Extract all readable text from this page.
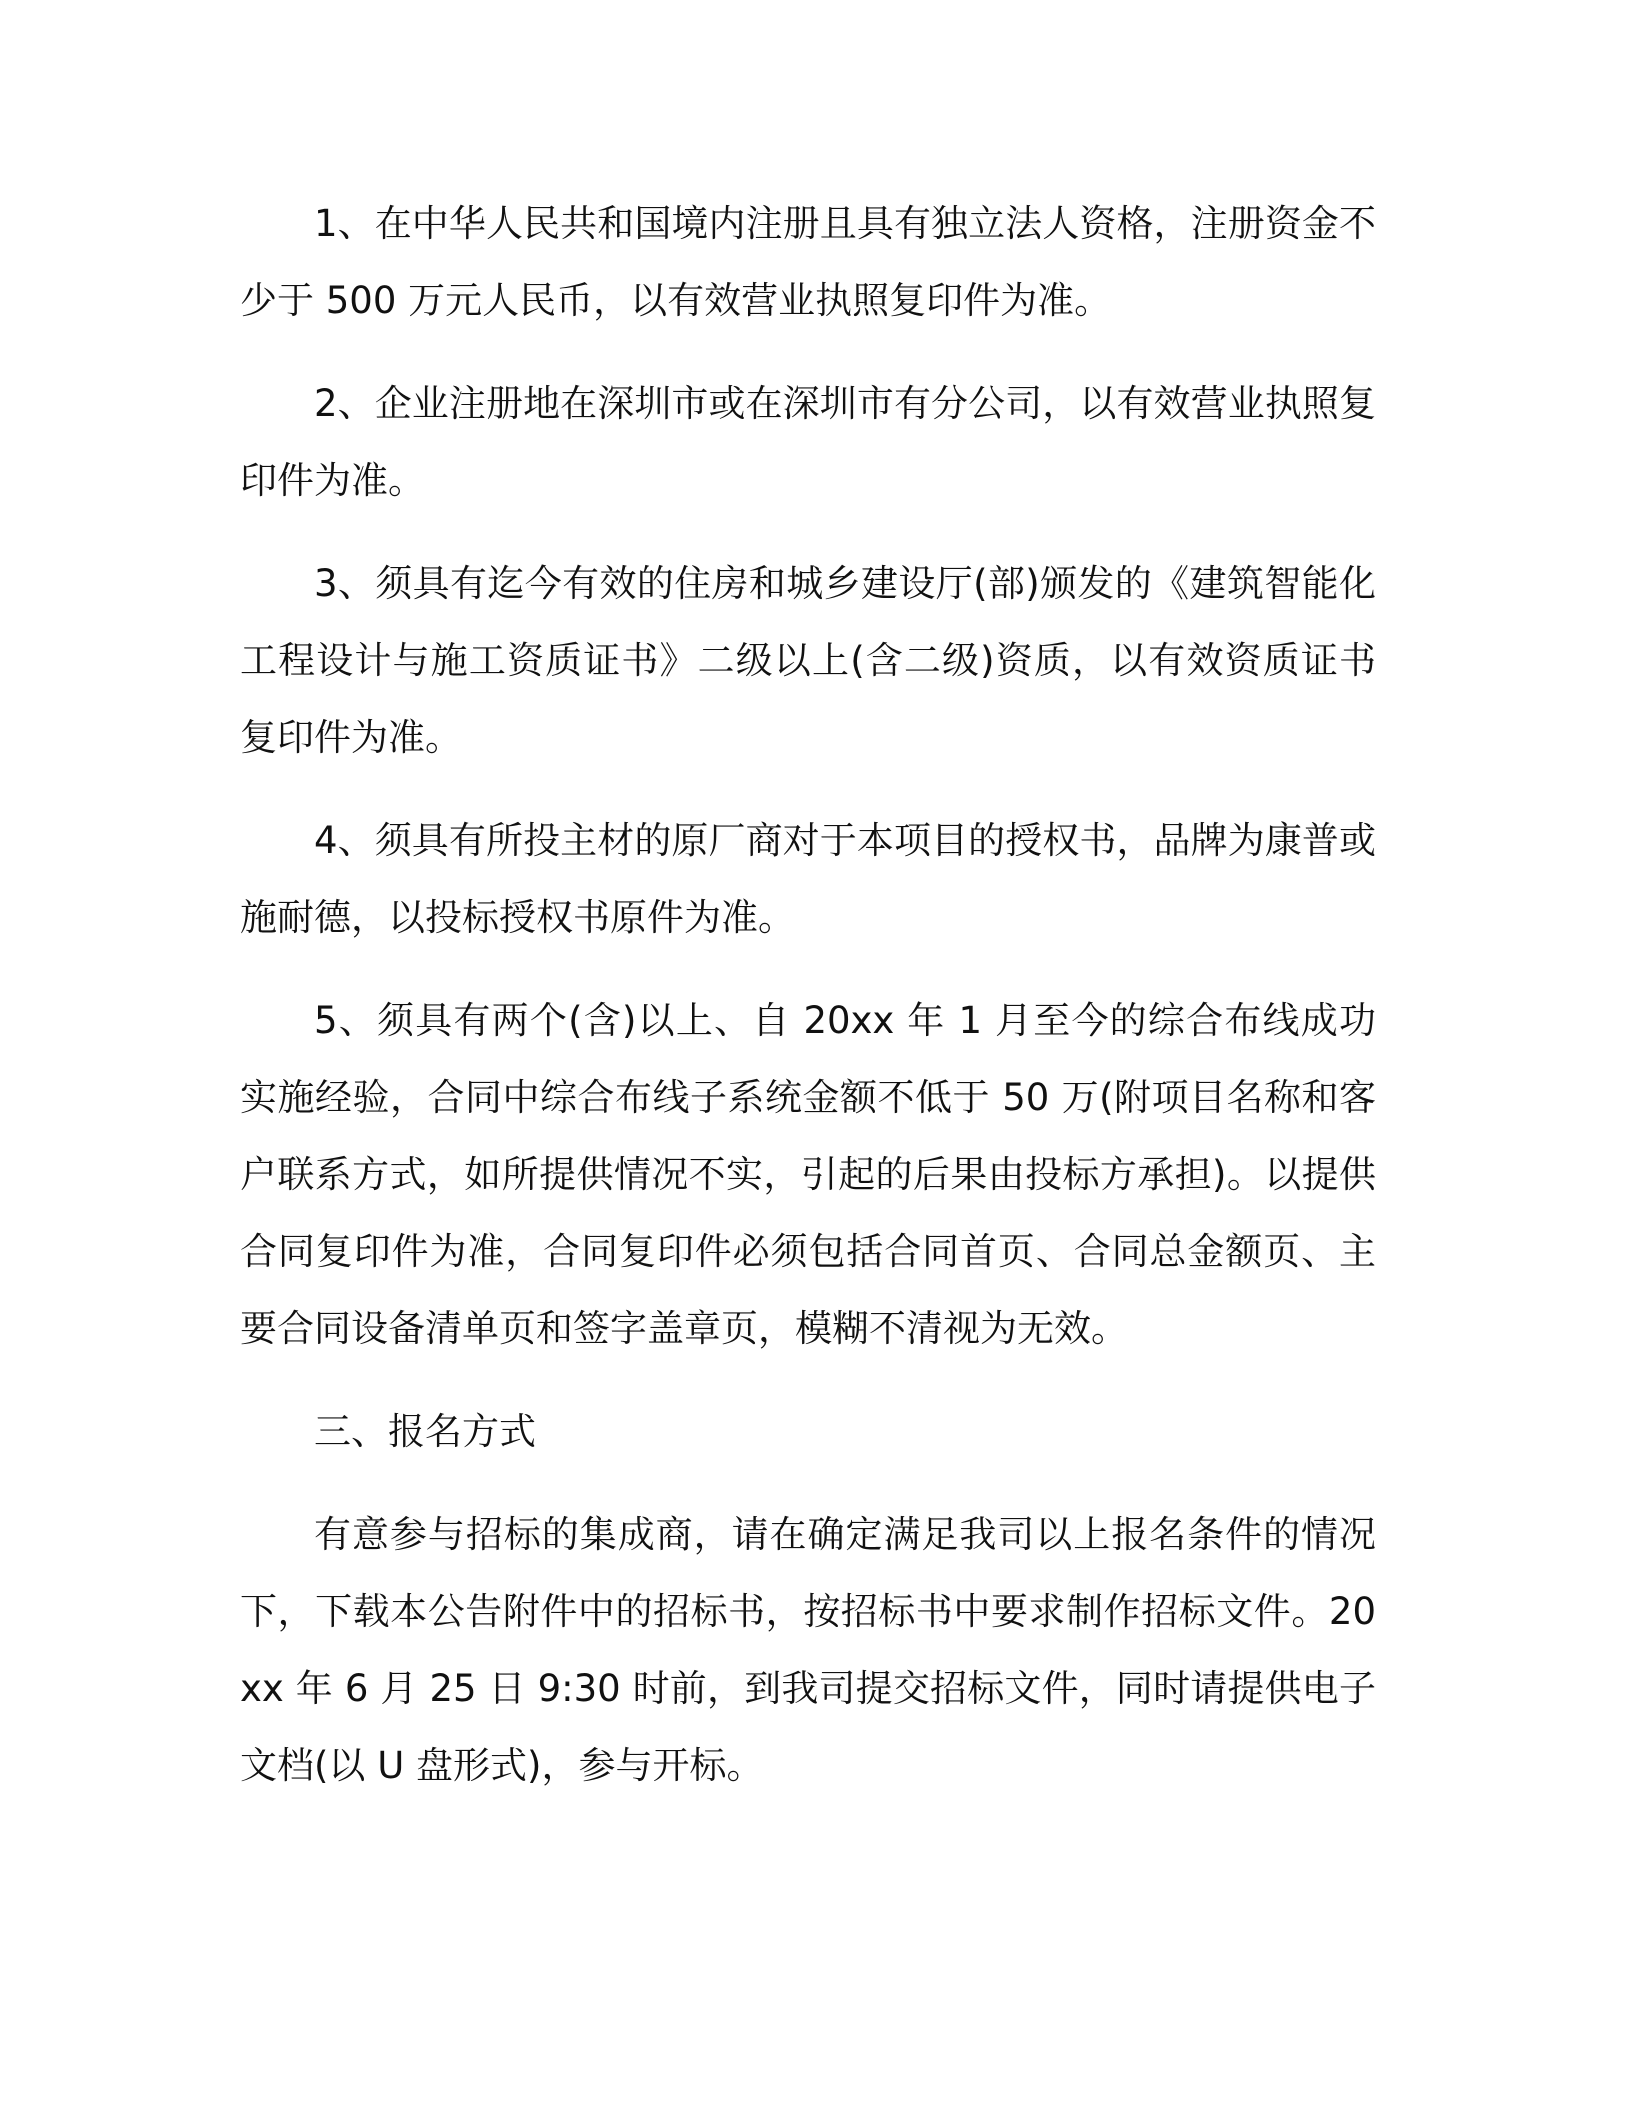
1、在中华人民共和国境内注册且具有独立法人资格，注册资金不少于 500 万元人民币，以有效营业执照复印件为准。

2、企业注册地在深圳市或在深圳市有分公司，以有效营业执照复印件为准。

3、须具有迄今有效的住房和城乡建设厅(部)颁发的《建筑智能化工程设计与施工资质证书》二级以上(含二级)资质，以有效资质证书复印件为准。

4、须具有所投主材的原厂商对于本项目的授权书，品牌为康普或施耐德，以投标授权书原件为准。

5、须具有两个(含)以上、自 20xx 年 1 月至今的综合布线成功实施经验，合同中综合布线子系统金额不低于 50 万(附项目名称和客户联系方式，如所提供情况不实，引起的后果由投标方承担)。以提供合同复印件为准，合同复印件必须包括合同首页、合同总金额页、主要合同设备清单页和签字盖章页，模糊不清视为无效。

三、报名方式

有意参与招标的集成商，请在确定满足我司以上报名条件的情况下，下载本公告附件中的招标书，按招标书中要求制作招标文件。20xx 年 6 月 25 日 9:30 时前，到我司提交招标文件，同时请提供电子文档(以 U 盘形式)，参与开标。
